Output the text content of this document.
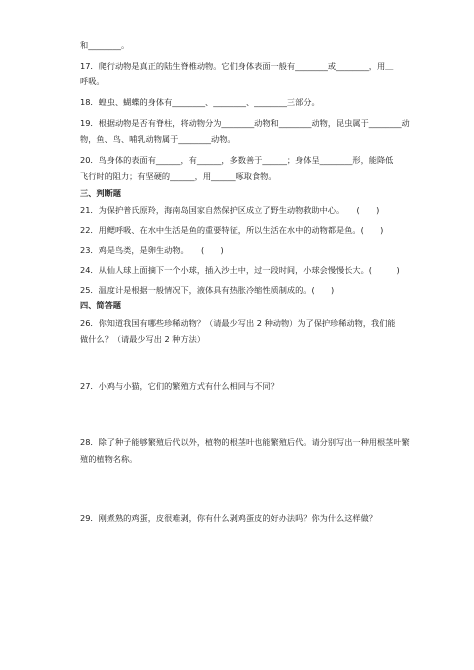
和________。
17．爬行动物是真正的陆生脊椎动物。它们身体表面一般有________或________，用＿
呼吸。
18．蝗虫、蝴蝶的身体有________、________、________三部分。
19．根据动物是否有脊柱，将动物分为________动物和________动物，昆虫属于________动
物，鱼、鸟、哺乳动物属于________动物。
20．鸟身体的表面有______，有______，多数善于______；身体呈________形，能降低
飞行时的阻力；有坚硬的______，用______啄取食物。
三、判断题
21．为保护普氏原羚，海南岛国家自然保护区成立了野生动物救助中心。　　(　　)
22．用鳃呼吸、在水中生活是鱼的重要特征，所以生活在水中的动物都是鱼。(　　)
23．鸡是鸟类，是卵生动物。　　(　　)
24．从仙人球上面摘下一个小球，插入沙土中，过一段时间，小球会慢慢长大。(　　　)
25．温度计是根据一般情况下，液体具有热胀冷缩性质制成的。(　　)
四、简答题
26．你知道我国有哪些珍稀动物？（请最少写出 2 种动物）为了保护珍稀动物，我们能
做什么？（请最少写出 2 种方法）
27．小鸡与小猫，它们的繁殖方式有什么相同与不同？
28．除了种子能够繁殖后代以外，植物的根茎叶也能繁殖后代。请分别写出一种用根茎叶繁
殖的植物名称。
29．刚煮熟的鸡蛋，皮很难剥，你有什么剥鸡蛋皮的好办法吗？你为什么这样做？
